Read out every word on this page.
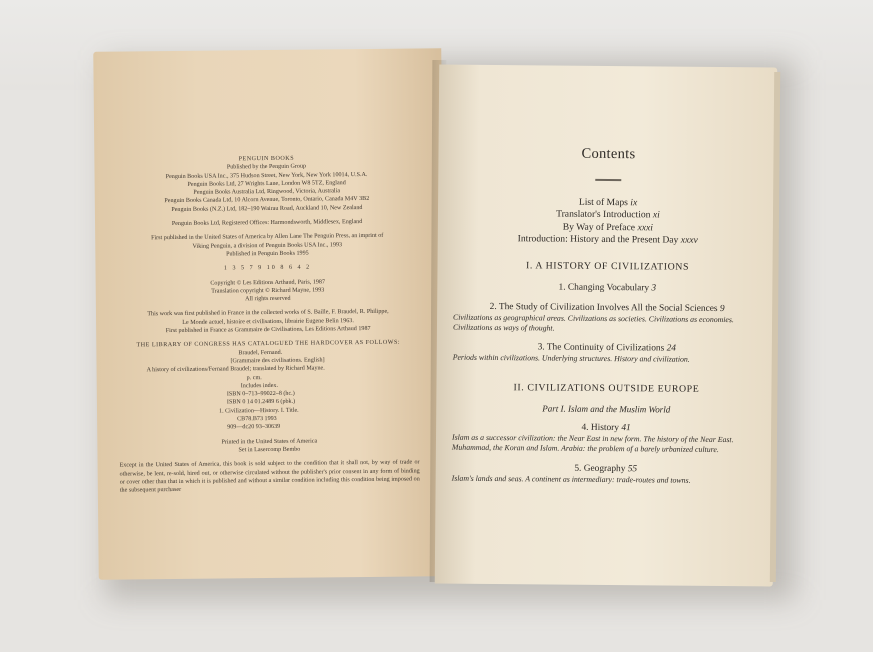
PENGUIN BOOKS

Published by the Penguin Group

Penguin Books USA Inc., 375 Hudson Street, New York, New York 10014, U.S.A.

Penguin Books Ltd, 27 Wrights Lane, London W8 5TZ, England

Penguin Books Australia Ltd, Ringwood, Victoria, Australia

Penguin Books Canada Ltd, 10 Alcorn Avenue, Toronto, Ontario, Canada M4V 3B2

Penguin Books (N.Z.) Ltd, 182–190 Wairau Road, Auckland 10, New Zealand

Penguin Books Ltd, Registered Offices: Harmondsworth, Middlesex, England

First published in the United States of America by Allen Lane The Penguin Press, an imprint of

Viking Penguin, a division of Penguin Books USA Inc., 1993

Published in Penguin Books 1995

1 3 5 7 9 10 8 6 4 2

Copyright © Les Editions Arthaud, Paris, 1987

Translation copyright © Richard Mayne, 1993

All rights reserved

This work was first published in France in the collected works of S. Baille, F. Braudel, R. Philippe,

Le Monde actuel, histoire et civilisations, librairie Eugene Belin 1963.

First published in France as Grammaire de Civilisations, Les Editions Arthaud 1987

THE LIBRARY OF CONGRESS HAS CATALOGUED THE HARDCOVER AS FOLLOWS:

Braudel, Fernand.

[Grammaire des civilisations. English]

A history of civilizations/Fernand Braudel; translated by Richard Mayne.

p. cm.

Includes index.

ISBN 0–713–99022–8 (hc.)

ISBN 0 14 01.2489 6 (pbk.)

1. Civilization—History. I. Title.

CB78.B73 1993

909—dc20 93–30639

Printed in the United States of America

Set in Lasercomp Bembo

Except in the United States of America, this book is sold subject to the condition that it shall not, by way of trade or otherwise, be lent, re-sold, hired out, or otherwise circulated without the publisher's prior consent in any form of binding or cover other than that in which it is published and without a similar condition including this condition being imposed on the subsequent purchaser

Contents

List of Maps ix

Translator's Introduction xi

By Way of Preface xxxi

Introduction: History and the Present Day xxxv

I. A HISTORY OF CIVILIZATIONS

1. Changing Vocabulary 3

2. The Study of Civilization Involves All the Social Sciences 9

Civilizations as geographical areas. Civilizations as societies. Civilizations as economies. Civilizations as ways of thought.

3. The Continuity of Civilizations 24

Periods within civilizations. Underlying structures. History and civilization.

II. CIVILIZATIONS OUTSIDE EUROPE

Part I. Islam and the Muslim World

4. History 41

Islam as a successor civilization: the Near East in new form. The history of the Near East. Muhammad, the Koran and Islam. Arabia: the problem of a barely urbanized culture.

5. Geography 55

Islam's lands and seas. A continent as intermediary: trade-routes and towns.
